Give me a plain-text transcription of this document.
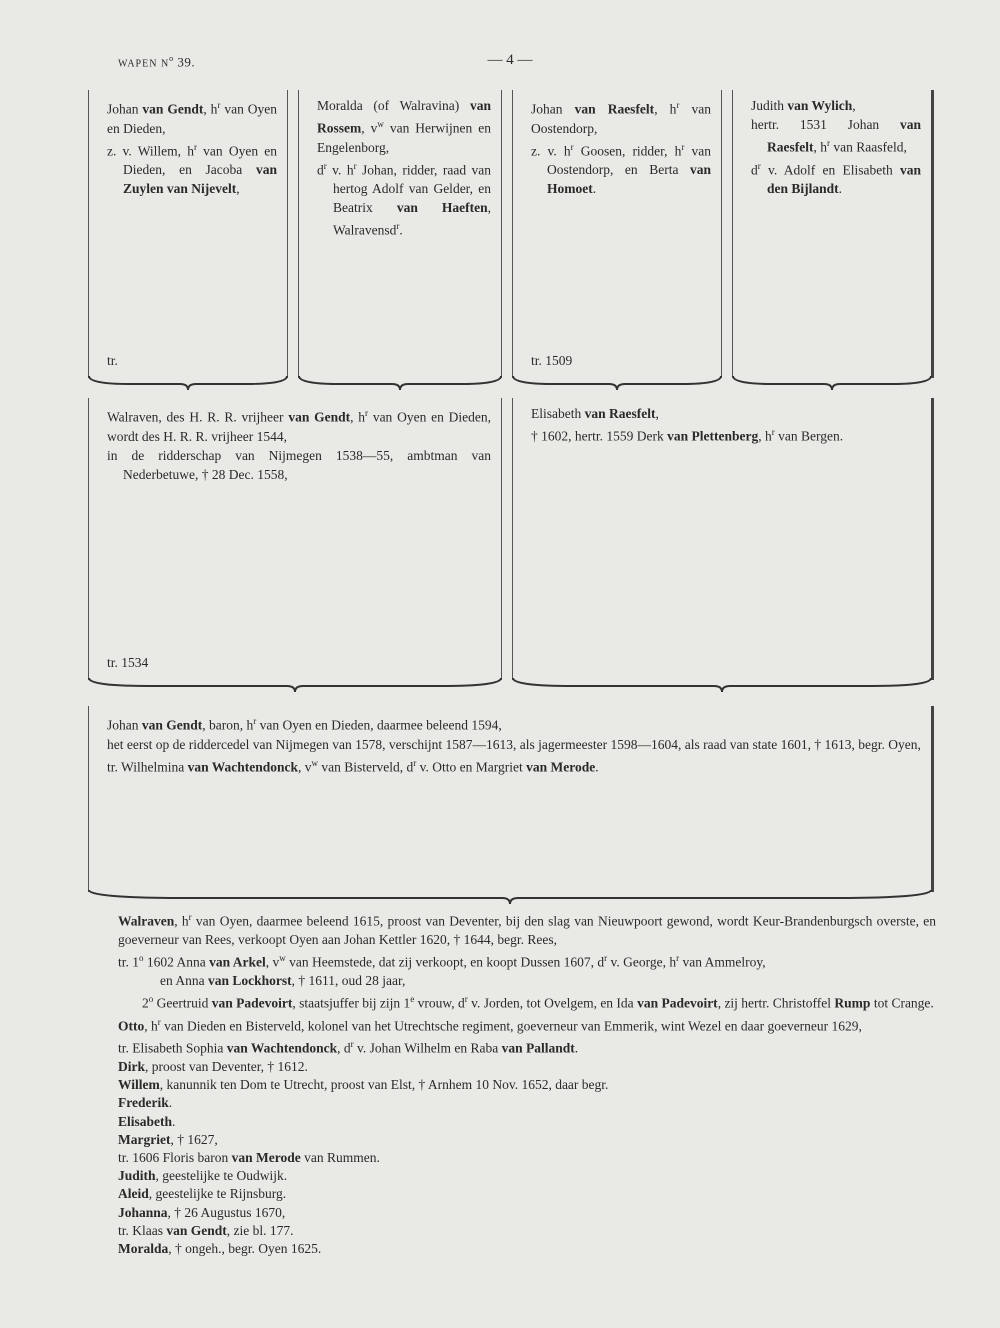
WAPEN $N^o$ 39.	— 4 —
Johan van Gendt, $h^r$ van Oyen en Dieden,
z. v. Willem, $h^r$ van Oyen en Dieden, en Jacoba van Zuylen van Nijevelt,
tr.
Moralda (of Walravina) van Rossem, $v^w$ van Herwijnen en Engelenborg,
$d^r$ v. $h^r$ Johan, ridder, raad van hertog Adolf van Gelder, en Beatrix van Haeften, Walravensd$^r$.
Johan van Raesfelt, $h^r$ van Oostendorp,
z. v. $h^r$ Goosen, ridder, $h^r$ van Oostendorp, en Berta van Homoet.
tr. 1509
Judith van Wylich,
hertr. 1531 Johan van Raesfelt, $h^r$ van Raasfeld,
$d^r$ v. Adolf en Elisabeth van den Bijlandt.
Walraven, des H. R. R. vrijheer van Gendt, $h^r$ van Oyen en Dieden, wordt des H. R. R. vrijheer 1544,
in de ridderschap van Nijmegen 1538—55, ambtman van Nederbetuwe, † 28 Dec. 1558,
tr. 1534
Elisabeth van Raesfelt,
† 1602, hertr. 1559 Derk van Plettenberg, $h^r$ van Bergen.
Johan van Gendt, baron, $h^r$ van Oyen en Dieden, daarmee beleend 1594,
het eerst op de riddercedel van Nijmegen van 1578, verschijnt 1587—1613, als jagermeester 1598—1604, als raad van state 1601, † 1613, begr. Oyen,
tr. Wilhelmina van Wachtendonck, $v^w$ van Bisterveld, $d^r$ v. Otto en Margriet van Merode.

Walraven, $h^r$ van Oyen, daarmee beleend 1615, proost van Deventer, bij den slag van Nieuwpoort gewond, wordt Keur-Brandenburgsch overste, en goeverneur van Rees, verkoopt Oyen aan Johan Kettler 1620, † 1644, begr. Rees,

tr. 1$^o$ 1602 Anna van Arkel, $v^w$ van Heemstede, dat zij verkoopt, en koopt Dussen 1607, $d^r$ v. George, $h^r$ van Ammelroy,

en Anna van Lockhorst, † 1611, oud 28 jaar,

2$^o$ Geertruid van Padevoirt, staatsjuffer bij zijn 1e vrouw, $d^r$ v. Jorden, tot Ovelgem, en Ida van Padevoirt, zij hertr. Christoffel Rump tot Crange.

Otto, $h^r$ van Dieden en Bisterveld, kolonel van het Utrechtsche regiment, goeverneur van Emmerik, wint Wezel en daar goeverneur 1629,

tr. Elisabeth Sophia van Wachtendonck, $d^r$ v. Johan Wilhelm en Raba van Pallandt.

Dirk, proost van Deventer, † 1612.

Willem, kanunnik ten Dom te Utrecht, proost van Elst, † Arnhem 10 Nov. 1652, daar begr.

Frederik.

Elisabeth.

Margriet, † 1627,

tr. 1606 Floris baron van Merode van Rummen.

Judith, geestelijke te Oudwijk.

Aleid, geestelijke te Rijnsburg.

Johanna, † 26 Augustus 1670,

tr. Klaas van Gendt, zie bl. 177.

Moralda, † ongeh., begr. Oyen 1625.
